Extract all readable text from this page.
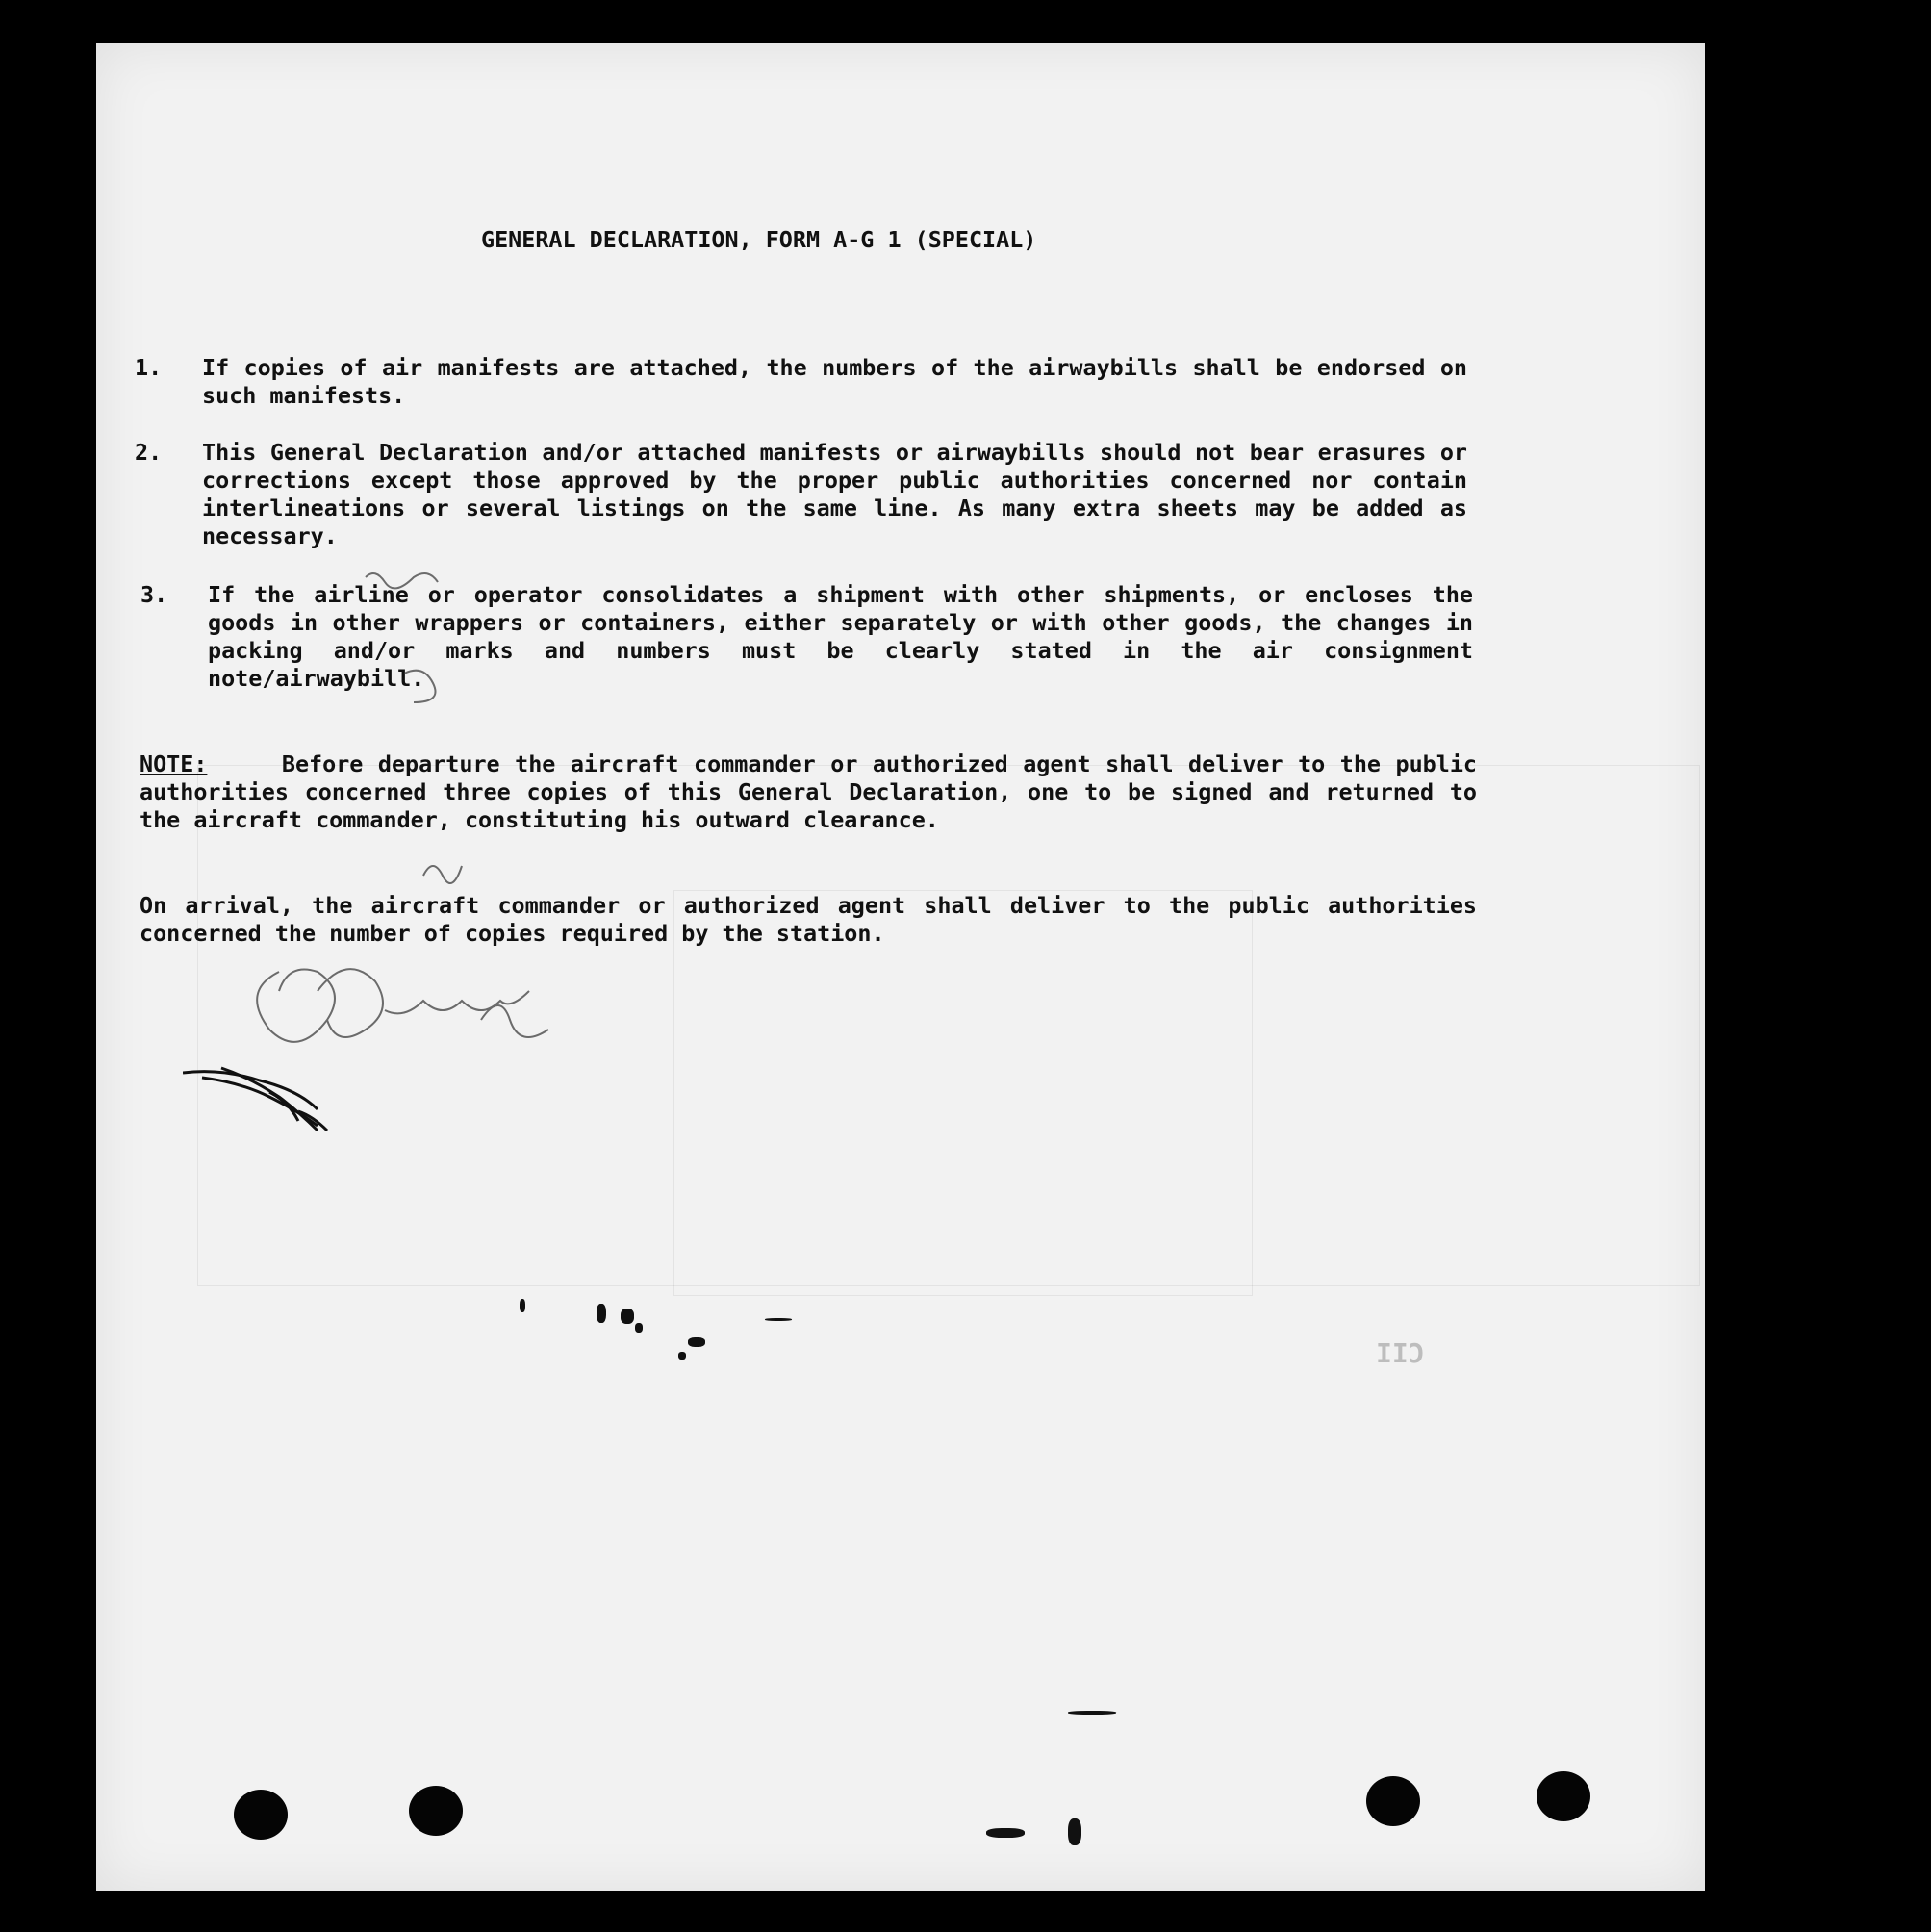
CII
GENERAL DECLARATION, FORM A-G 1 (SPECIAL)
1.	If copies of air manifests are attached, the numbers of the airwaybills shall be endorsed on such manifests.
2.	This General Declaration and/or attached manifests or airwaybills should not bear erasures or corrections except those approved by the proper public authorities concerned nor contain interlineations or several listings on the same line. As many extra sheets may be added as necessary.
3.	If the airline or operator consolidates a shipment with other shipments, or encloses the goods in other wrappers or containers, either separately or with other goods, the changes in packing and/or marks and numbers must be clearly stated in the air consignment note/airwaybill.
NOTE:	Before departure the aircraft commander or authorized agent shall deliver to the public authorities concerned three copies of this General Declaration, one to be signed and returned to the aircraft commander, constituting his outward clearance.
On arrival, the aircraft commander or authorized agent shall deliver to the public authorities concerned the number of copies required by the station.
